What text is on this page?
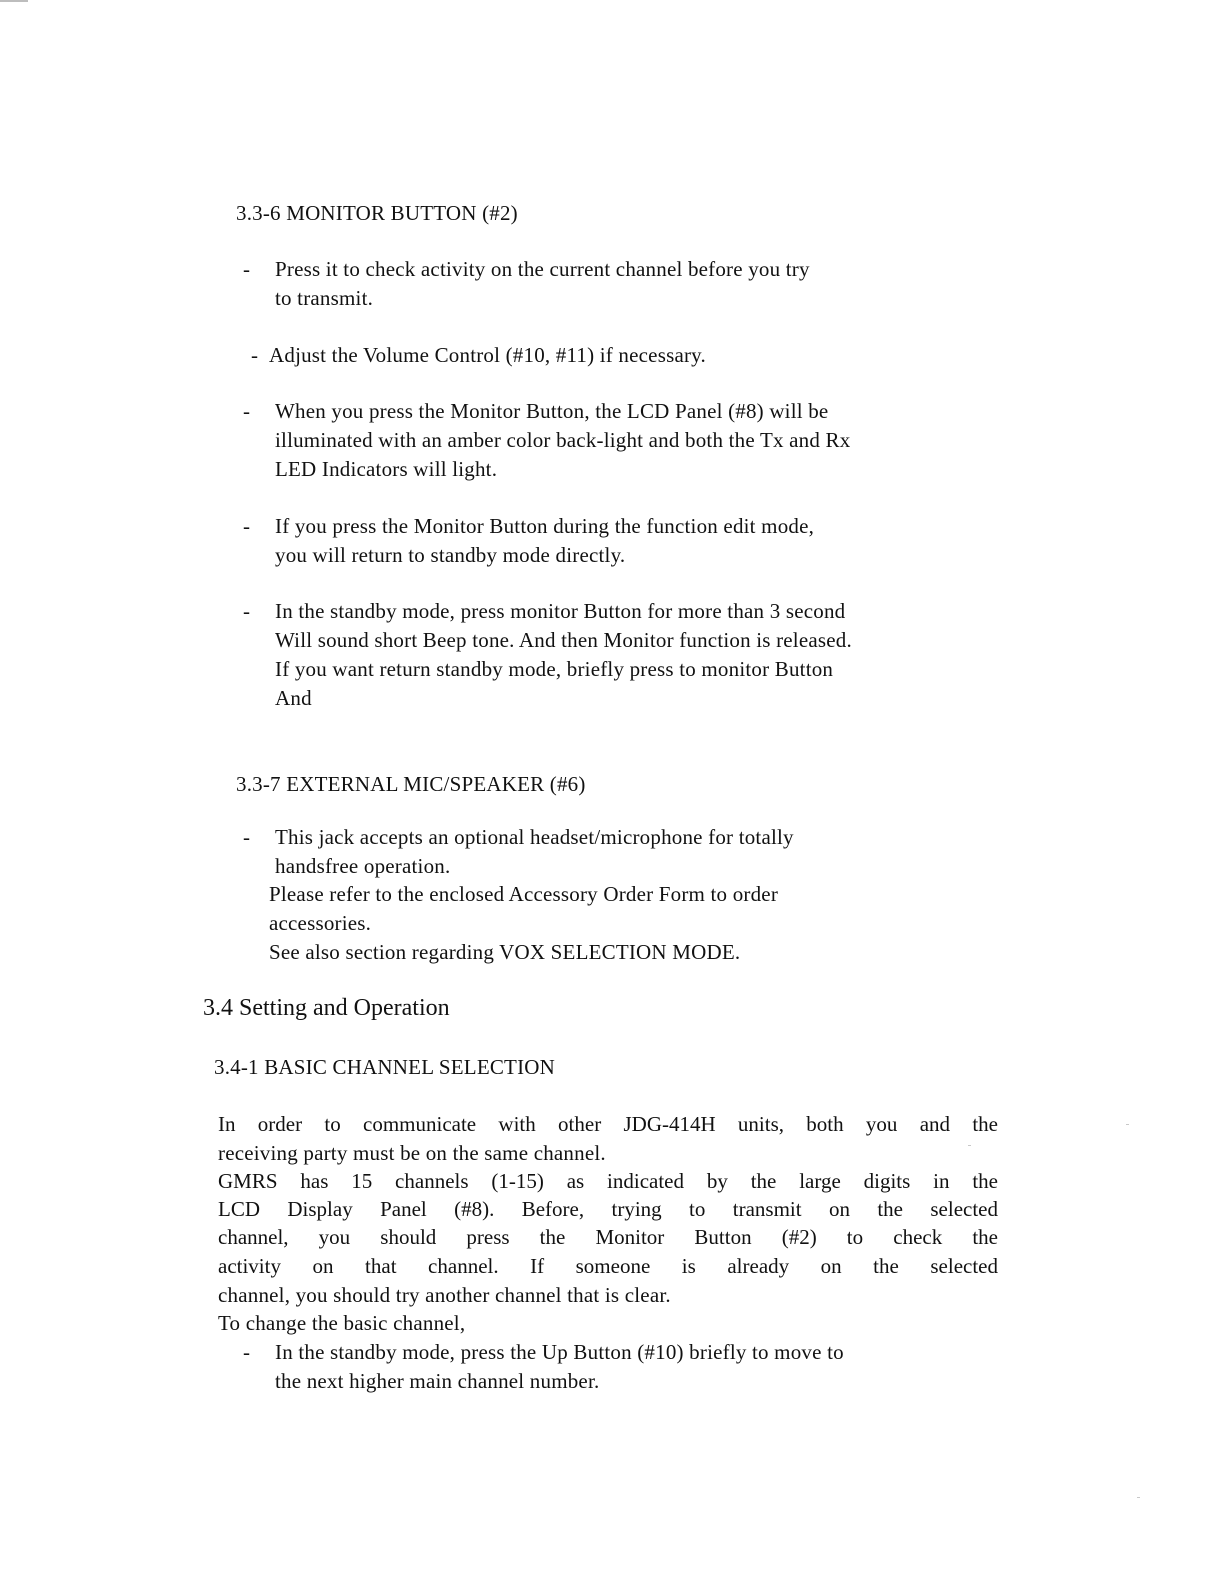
3.3-6 MONITOR BUTTON (#2)
- Press it to check activity on the current channel before you try
to transmit.
- Adjust the Volume Control (#10, #11) if necessary.
- When you press the Monitor Button, the LCD Panel (#8) will be
illuminated with an amber color back-light and both the Tx and Rx
LED Indicators will light.
- If you press the Monitor Button during the function edit mode,
you will return to standby mode directly.
- In the standby mode, press monitor Button for more than 3 second
Will sound short Beep tone. And then Monitor function is released.
If you want return standby mode, briefly press to monitor Button
And
3.3-7 EXTERNAL MIC/SPEAKER (#6)
- This jack accepts an optional headset/microphone for totally
handsfree operation.
Please refer to the enclosed Accessory Order Form to order
accessories.
See also section regarding VOX SELECTION MODE.
3.4 Setting and Operation
3.4-1 BASIC CHANNEL SELECTION
In order to communicate with other JDG-414H units, both you and the
receiving party must be on the same channel.
GMRS has 15 channels (1-15) as indicated by the large digits in the
LCD Display Panel (#8). Before, trying to transmit on the selected
channel, you should press the Monitor Button (#2) to check the
activity on that channel. If someone is already on the selected
channel, you should try another channel that is clear.
To change the basic channel,
- In the standby mode, press the Up Button (#10) briefly to move to
the next higher main channel number.
